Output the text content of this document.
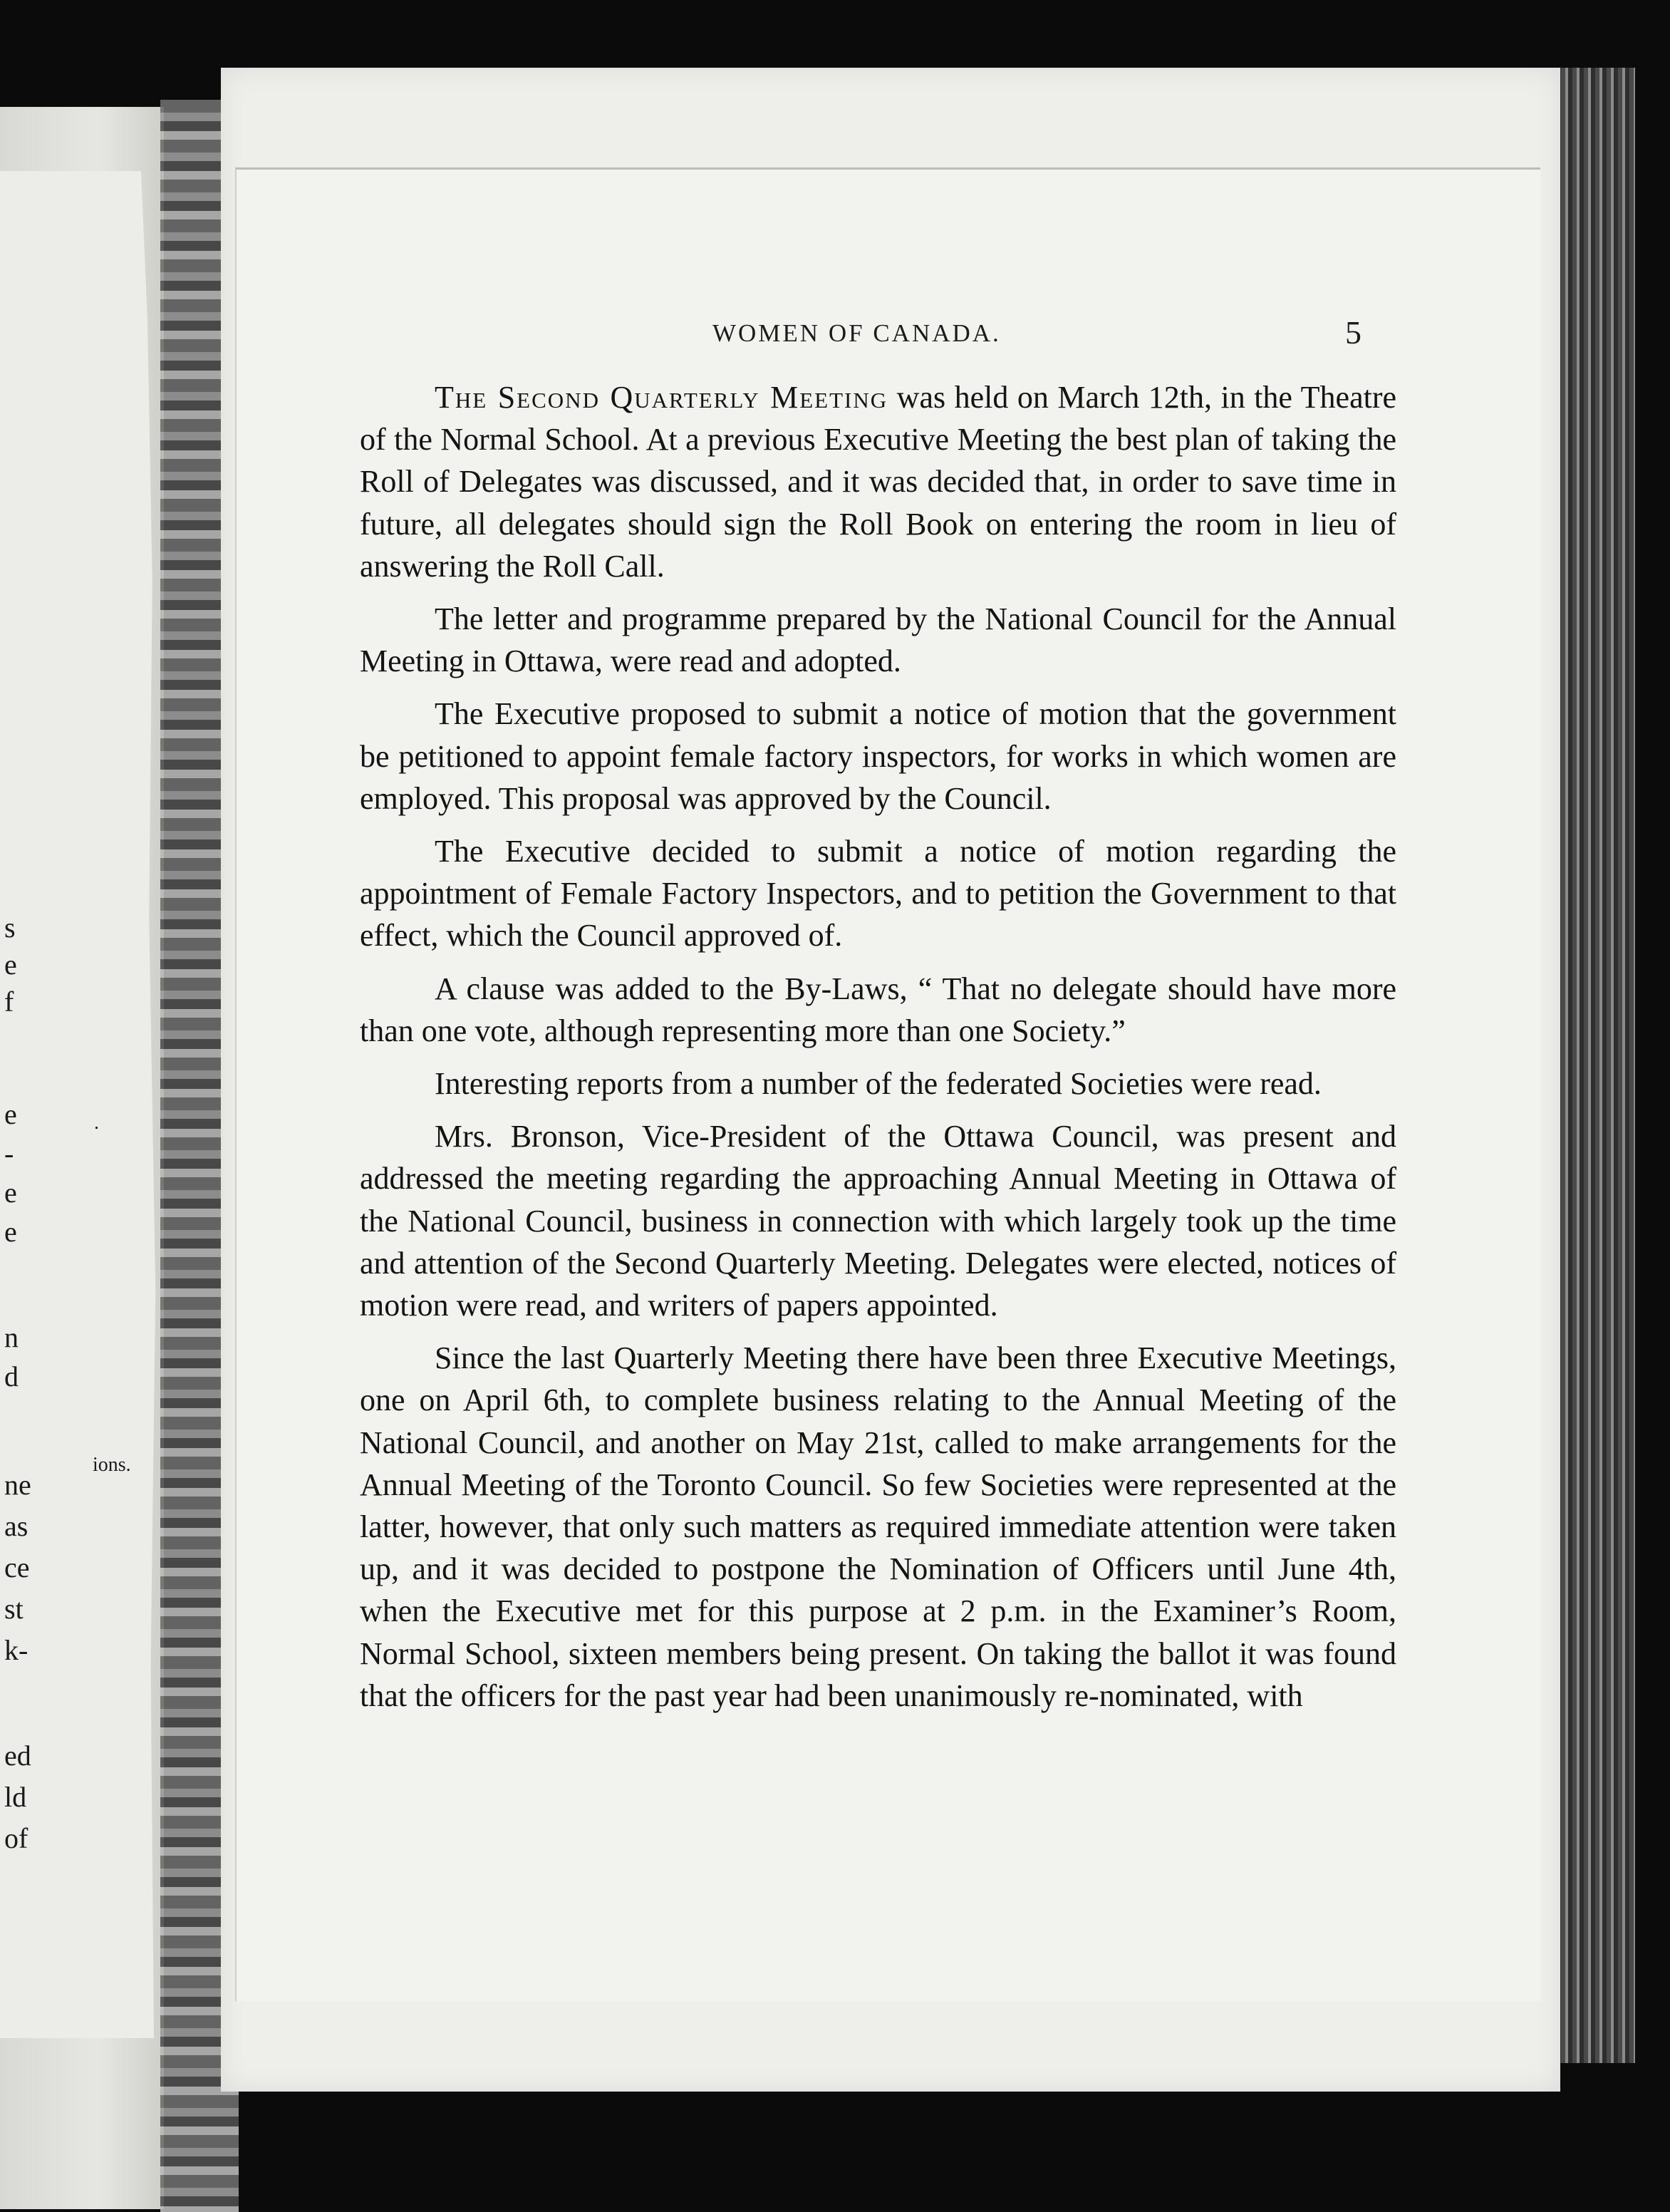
s
e
f
e
-
e
e
n
d
ne
as
ce
st
k-
ed
ld
of
ions.
.
WOMEN OF CANADA.	5

The Second Quarterly Meeting was held on March 12th, in the Theatre of the Normal School. At a previous Executive Meeting the best plan of taking the Roll of Delegates was discussed, and it was decided that, in order to save time in future, all delegates should sign the Roll Book on entering the room in lieu of answering the Roll Call.

The letter and programme prepared by the National Council for the Annual Meeting in Ottawa, were read and adopted.

The Executive proposed to submit a notice of motion that the government be petitioned to appoint female factory inspectors, for works in which women are employed. This proposal was approved by the Council.

The Executive decided to submit a notice of motion regarding the appointment of Female Factory Inspectors, and to petition the Government to that effect, which the Council approved of.

A clause was added to the By-Laws, “ That no delegate should have more than one vote, although representing more than one Society.”

Interesting reports from a number of the federated Societies were read.

Mrs. Bronson, Vice-President of the Ottawa Council, was present and addressed the meeting regarding the approaching Annual Meeting in Ottawa of the National Council, business in connection with which largely took up the time and attention of the Second Quarterly Meeting. Delegates were elected, notices of motion were read, and writers of papers appointed.

Since the last Quarterly Meeting there have been three Executive Meetings, one on April 6th, to complete business relating to the Annual Meeting of the National Council, and another on May 21st, called to make arrangements for the Annual Meeting of the Toronto Council. So few Societies were represented at the latter, however, that only such matters as required immediate attention were taken up, and it was decided to postpone the Nomination of Officers until June 4th, when the Executive met for this purpose at 2 p.m. in the Examiner’s Room, Normal School, sixteen members being present. On taking the ballot it was found that the officers for the past year had been unanimously re-nominated, with
